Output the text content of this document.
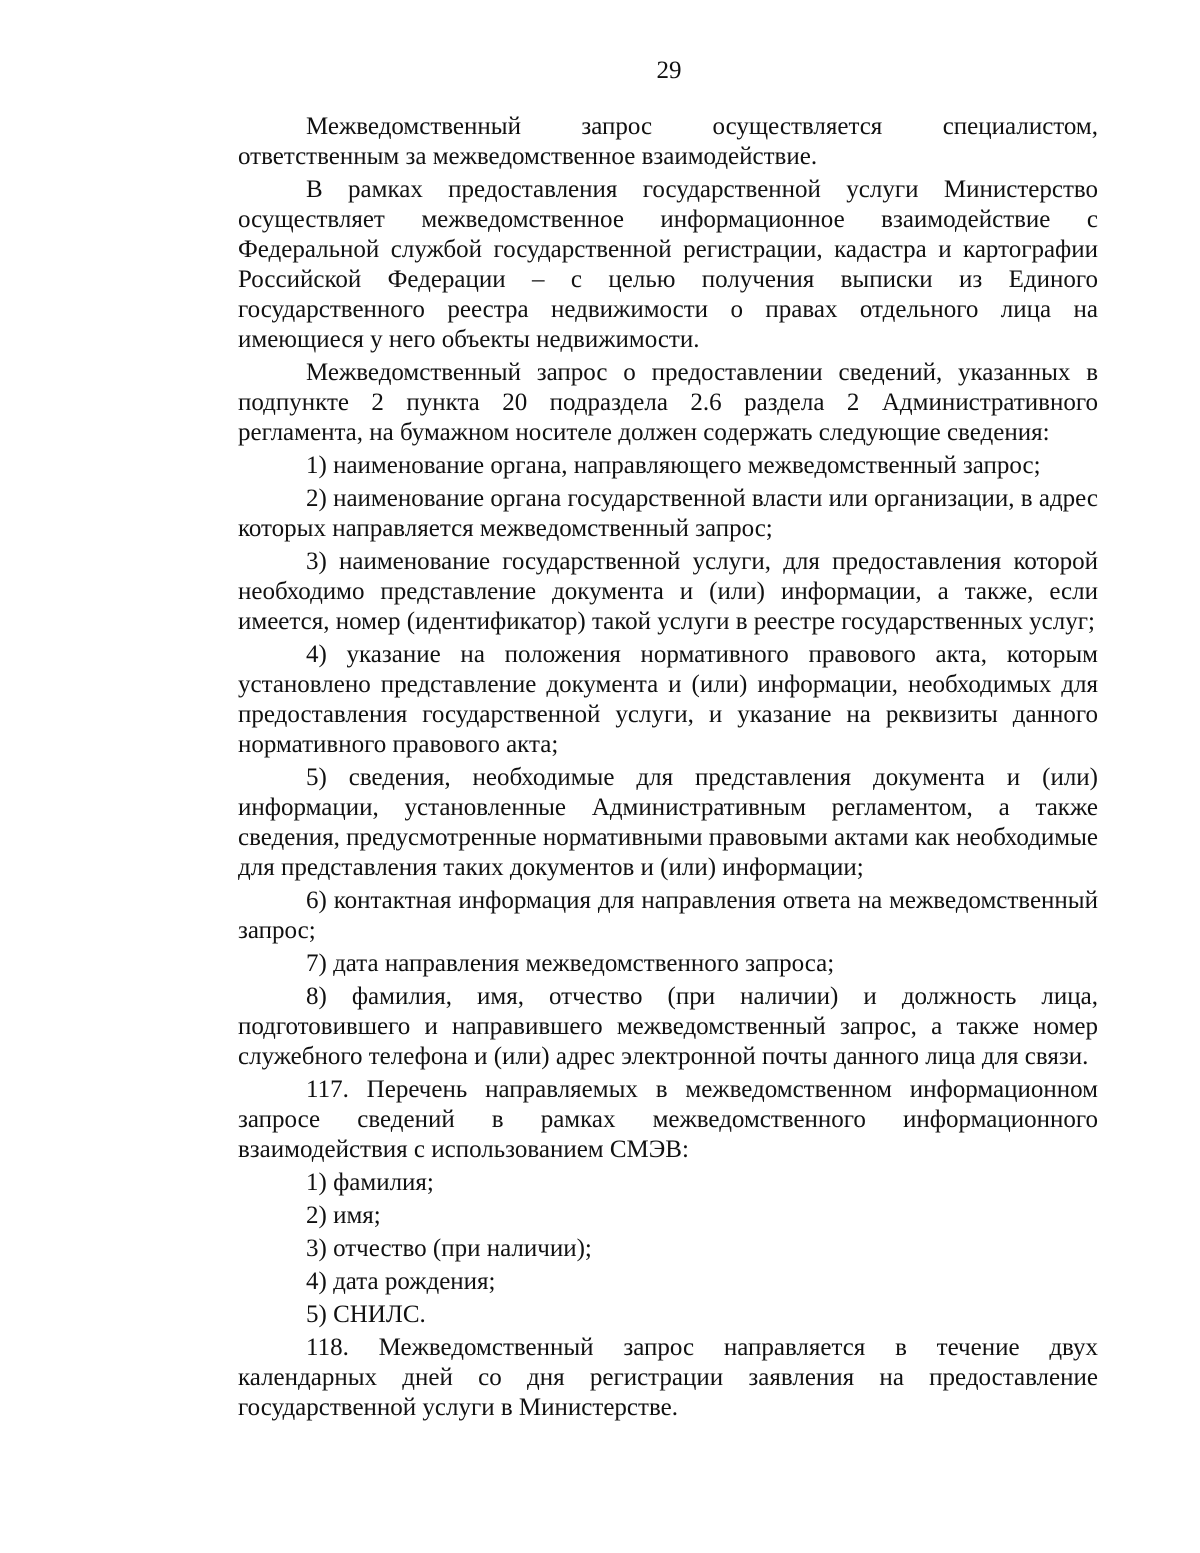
29

Межведомственный запрос осуществляется специалистом, ответственным за межведомственное взаимодействие.

В рамках предоставления государственной услуги Министерство осуществляет межведомственное информационное взаимодействие с Федеральной службой государственной регистрации, кадастра и картографии Российской Федерации – с целью получения выписки из Единого государственного реестра недвижимости о правах отдельного лица на имеющиеся у него объекты недвижимости.

Межведомственный запрос о предоставлении сведений, указанных в подпункте 2 пункта 20 подраздела 2.6 раздела 2 Административного регламента, на бумажном носителе должен содержать следующие сведения:

1) наименование органа, направляющего межведомственный запрос;

2) наименование органа государственной власти или организации, в адрес которых направляется межведомственный запрос;

3) наименование государственной услуги, для предоставления которой необходимо представление документа и (или) информации, а также, если имеется, номер (идентификатор) такой услуги в реестре государственных услуг;

4) указание на положения нормативного правового акта, которым установлено представление документа и (или) информации, необходимых для предоставления государственной услуги, и указание на реквизиты данного нормативного правового акта;

5) сведения, необходимые для представления документа и (или) информации, установленные Административным регламентом, а также сведения, предусмотренные нормативными правовыми актами как необходимые для представления таких документов и (или) информации;

6) контактная информация для направления ответа на межведомственный запрос;

7) дата направления межведомственного запроса;

8) фамилия, имя, отчество (при наличии) и должность лица, подготовившего и направившего межведомственный запрос, а также номер служебного телефона и (или) адрес электронной почты данного лица для связи.

117. Перечень направляемых в межведомственном информационном запросе сведений в рамках межведомственного информационного взаимодействия с использованием СМЭВ:

1) фамилия;

2) имя;

3) отчество (при наличии);

4) дата рождения;

5) СНИЛС.

118. Межведомственный запрос направляется в течение двух календарных дней со дня регистрации заявления на предоставление государственной услуги в Министерстве.
